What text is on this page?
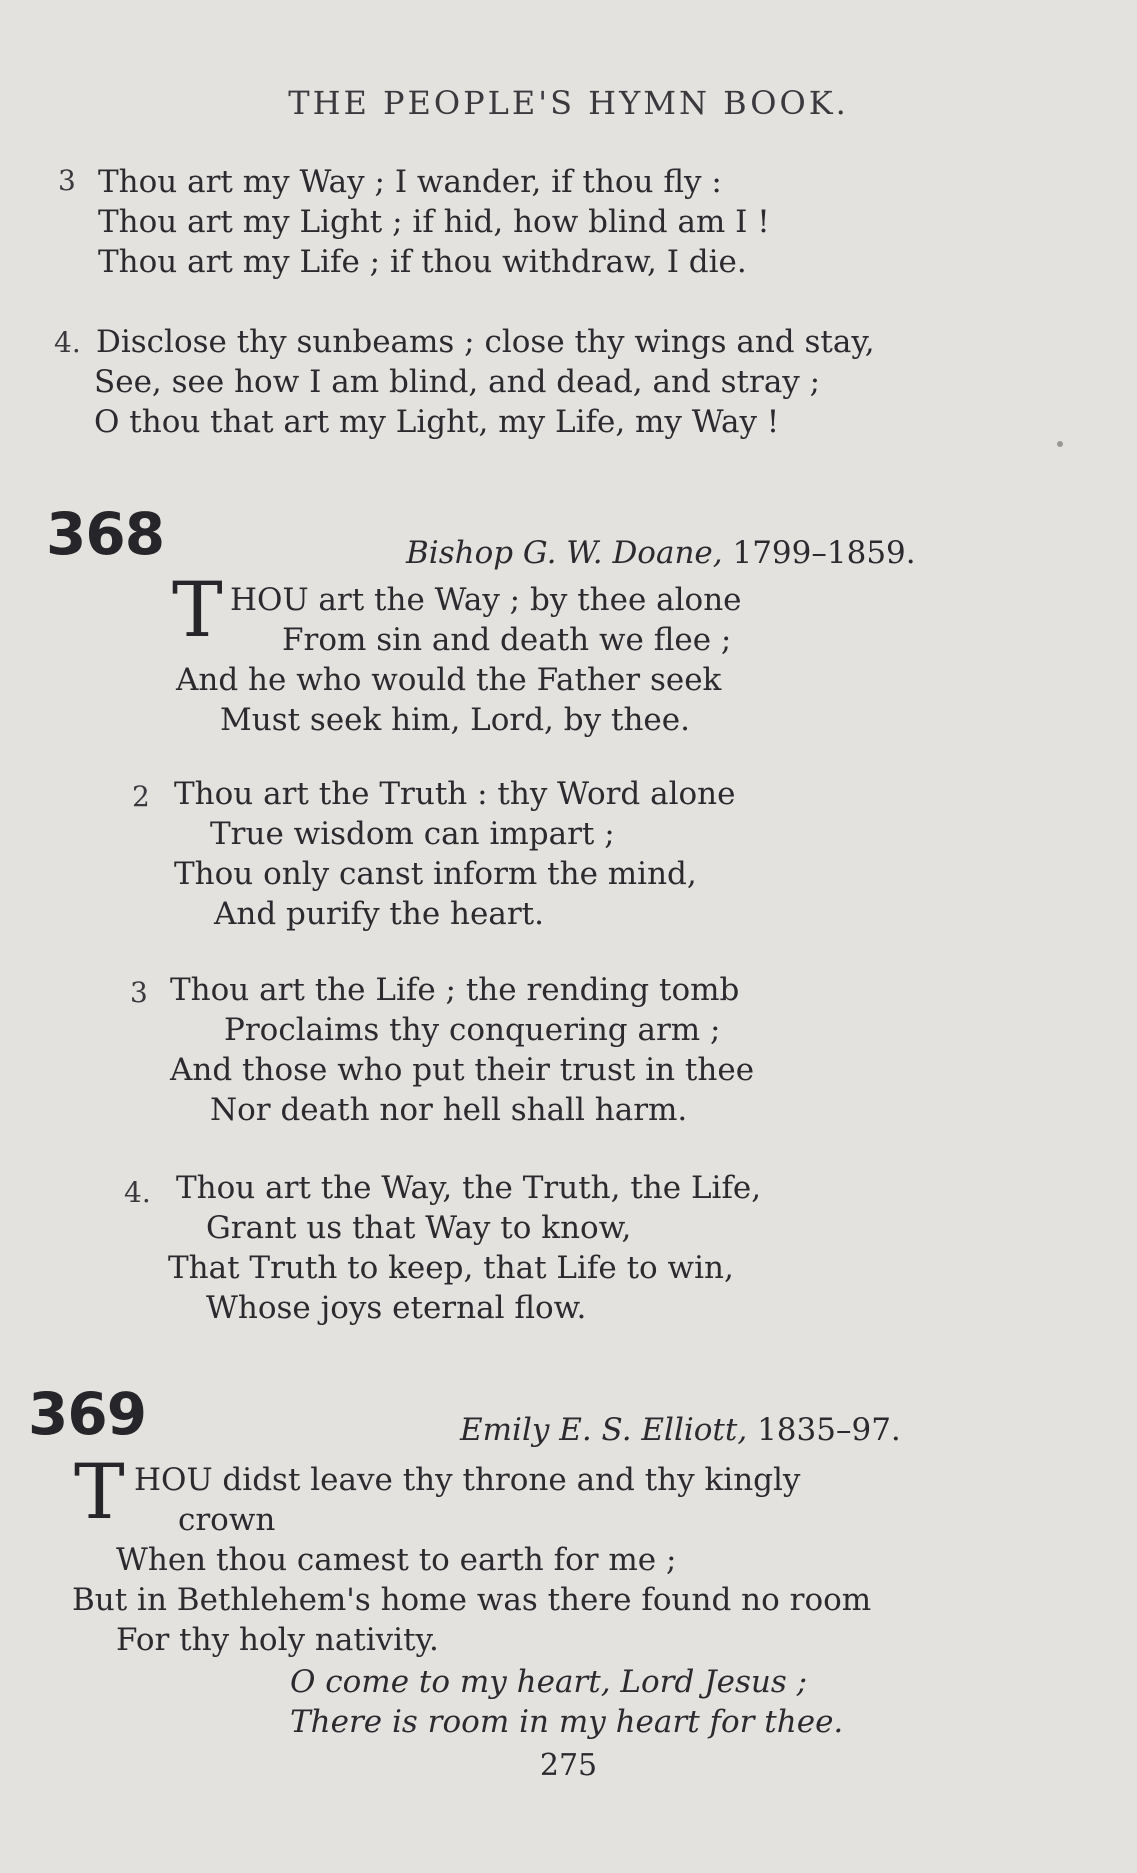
THE PEOPLE'S HYMN BOOK.
3 Thou art my Way ; I wander, if thou fly :
Thou art my Light ; if hid, how blind am I !
Thou art my Life ; if thou withdraw, I die.
4. Disclose thy sunbeams ; close thy wings and stay,
See, see how I am blind, and dead, and stray ;
O thou that art my Light, my Life, my Way !
368	Bishop G. W. Doane, 1799–1859.
T HOU art the Way ; by thee alone
From sin and death we flee ;
And he who would the Father seek
Must seek him, Lord, by thee.
2 Thou art the Truth : thy Word alone
True wisdom can impart ;
Thou only canst inform the mind,
And purify the heart.
3 Thou art the Life ; the rending tomb
Proclaims thy conquering arm ;
And those who put their trust in thee
Nor death nor hell shall harm.
4. Thou art the Way, the Truth, the Life,
Grant us that Way to know,
That Truth to keep, that Life to win,
Whose joys eternal flow.
369	Emily E. S. Elliott, 1835–97.
T HOU didst leave thy throne and thy kingly
crown
When thou camest to earth for me ;
But in Bethlehem's home was there found no room
For thy holy nativity.
O come to my heart, Lord Jesus ;
There is room in my heart for thee.
275
